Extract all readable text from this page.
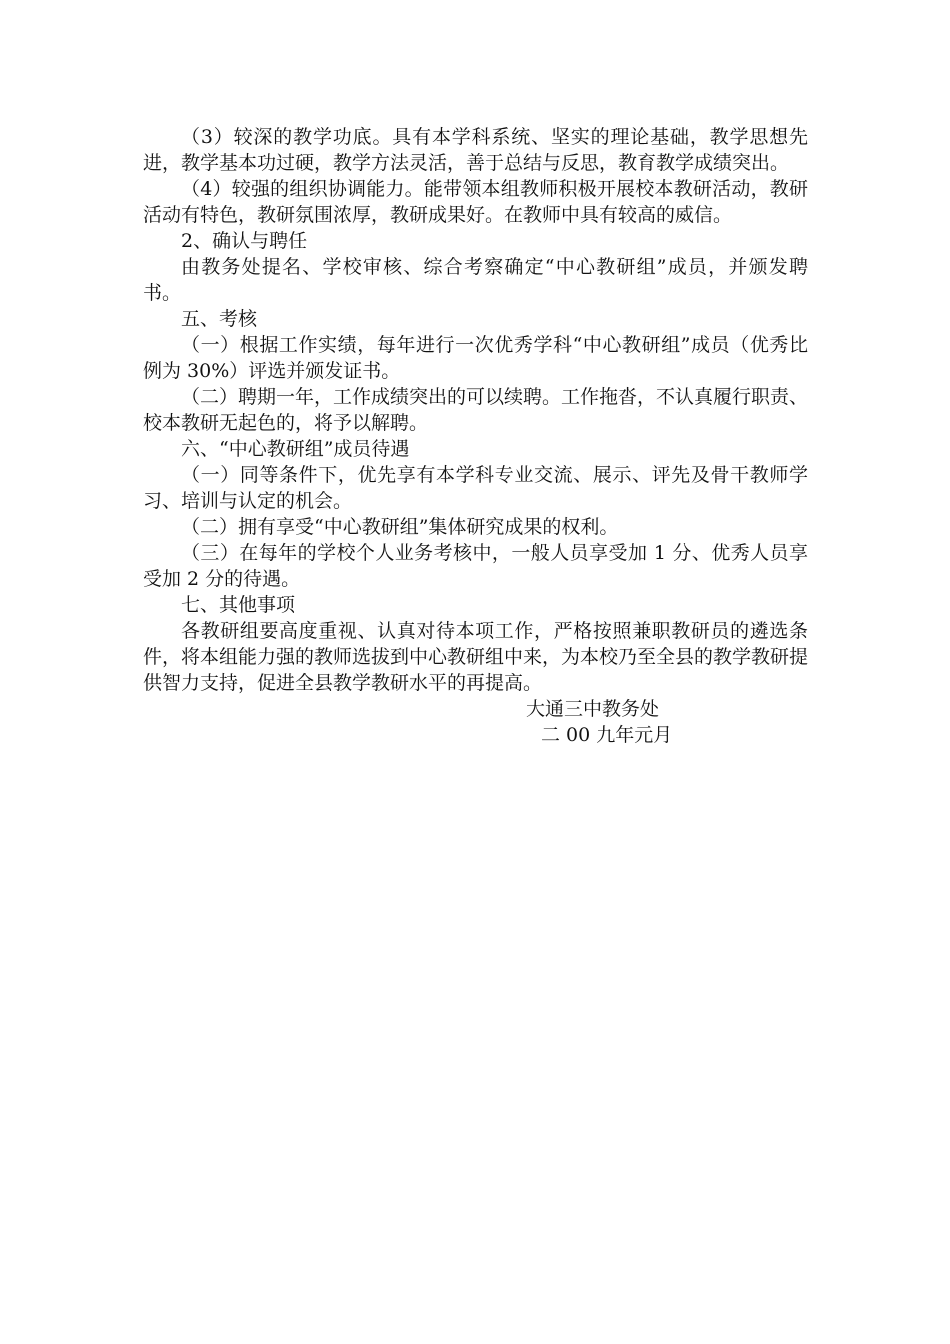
（3）较深的教学功底。具有本学科系统、坚实的理论基础，教学思想先进，教学基本功过硬，教学方法灵活，善于总结与反思，教育教学成绩突出。

（4）较强的组织协调能力。能带领本组教师积极开展校本教研活动，教研活动有特色，教研氛围浓厚，教研成果好。在教师中具有较高的威信。

2、确认与聘任

由教务处提名、学校审核、综合考察确定“中心教研组”成员，并颁发聘书。

五、考核

（一）根据工作实绩，每年进行一次优秀学科“中心教研组”成员（优秀比例为 30%）评选并颁发证书。

（二）聘期一年，工作成绩突出的可以续聘。工作拖沓，不认真履行职责、校本教研无起色的，将予以解聘。

六、“中心教研组”成员待遇

（一）同等条件下，优先享有本学科专业交流、展示、评先及骨干教师学习、培训与认定的机会。

（二）拥有享受“中心教研组”集体研究成果的权利。

（三）在每年的学校个人业务考核中，一般人员享受加 1 分、优秀人员享受加 2 分的待遇。

七、其他事项

各教研组要高度重视、认真对待本项工作，严格按照兼职教研员的遴选条件，将本组能力强的教师选拔到中心教研组中来，为本校乃至全县的教学教研提供智力支持，促进全县教学教研水平的再提高。

大通三中教务处

二 00 九年元月
